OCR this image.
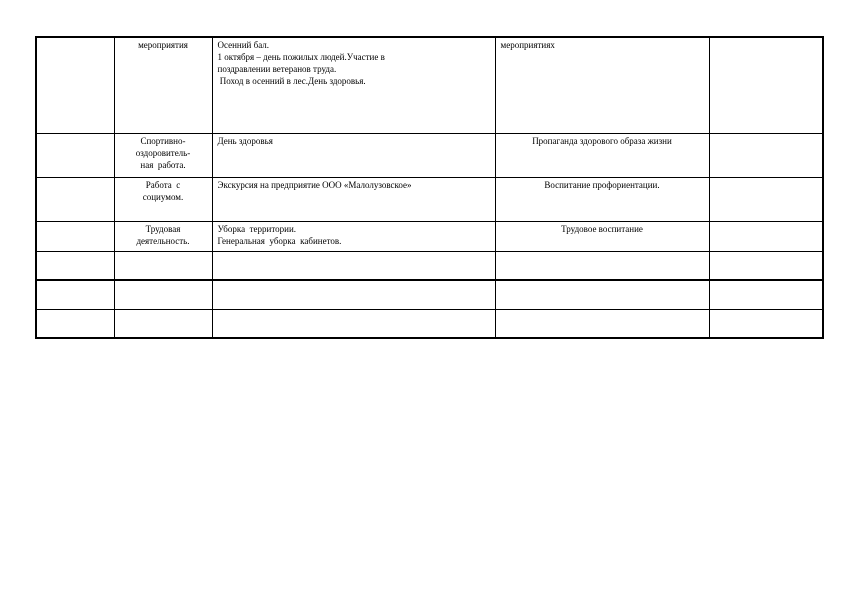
	мероприятия	Осенний бал.
1 октября – день пожилых людей.Участие в
поздравлении ветеранов труда.
Поход в осенний в лес.День здоровья.	мероприятиях	

	Спортивно-
оздоровитель-
ная  работа.	День здоровья	Пропаганда здорового образа жизни	

	Работа  с
социумом.	Экскурсия на предприятие ООО «Малолузовское»	Воспитание профориентации.	

	Трудовая
деятельность.	Уборка  территории.
Генеральная  уборка  кабинетов.	Трудовое воспитание	
